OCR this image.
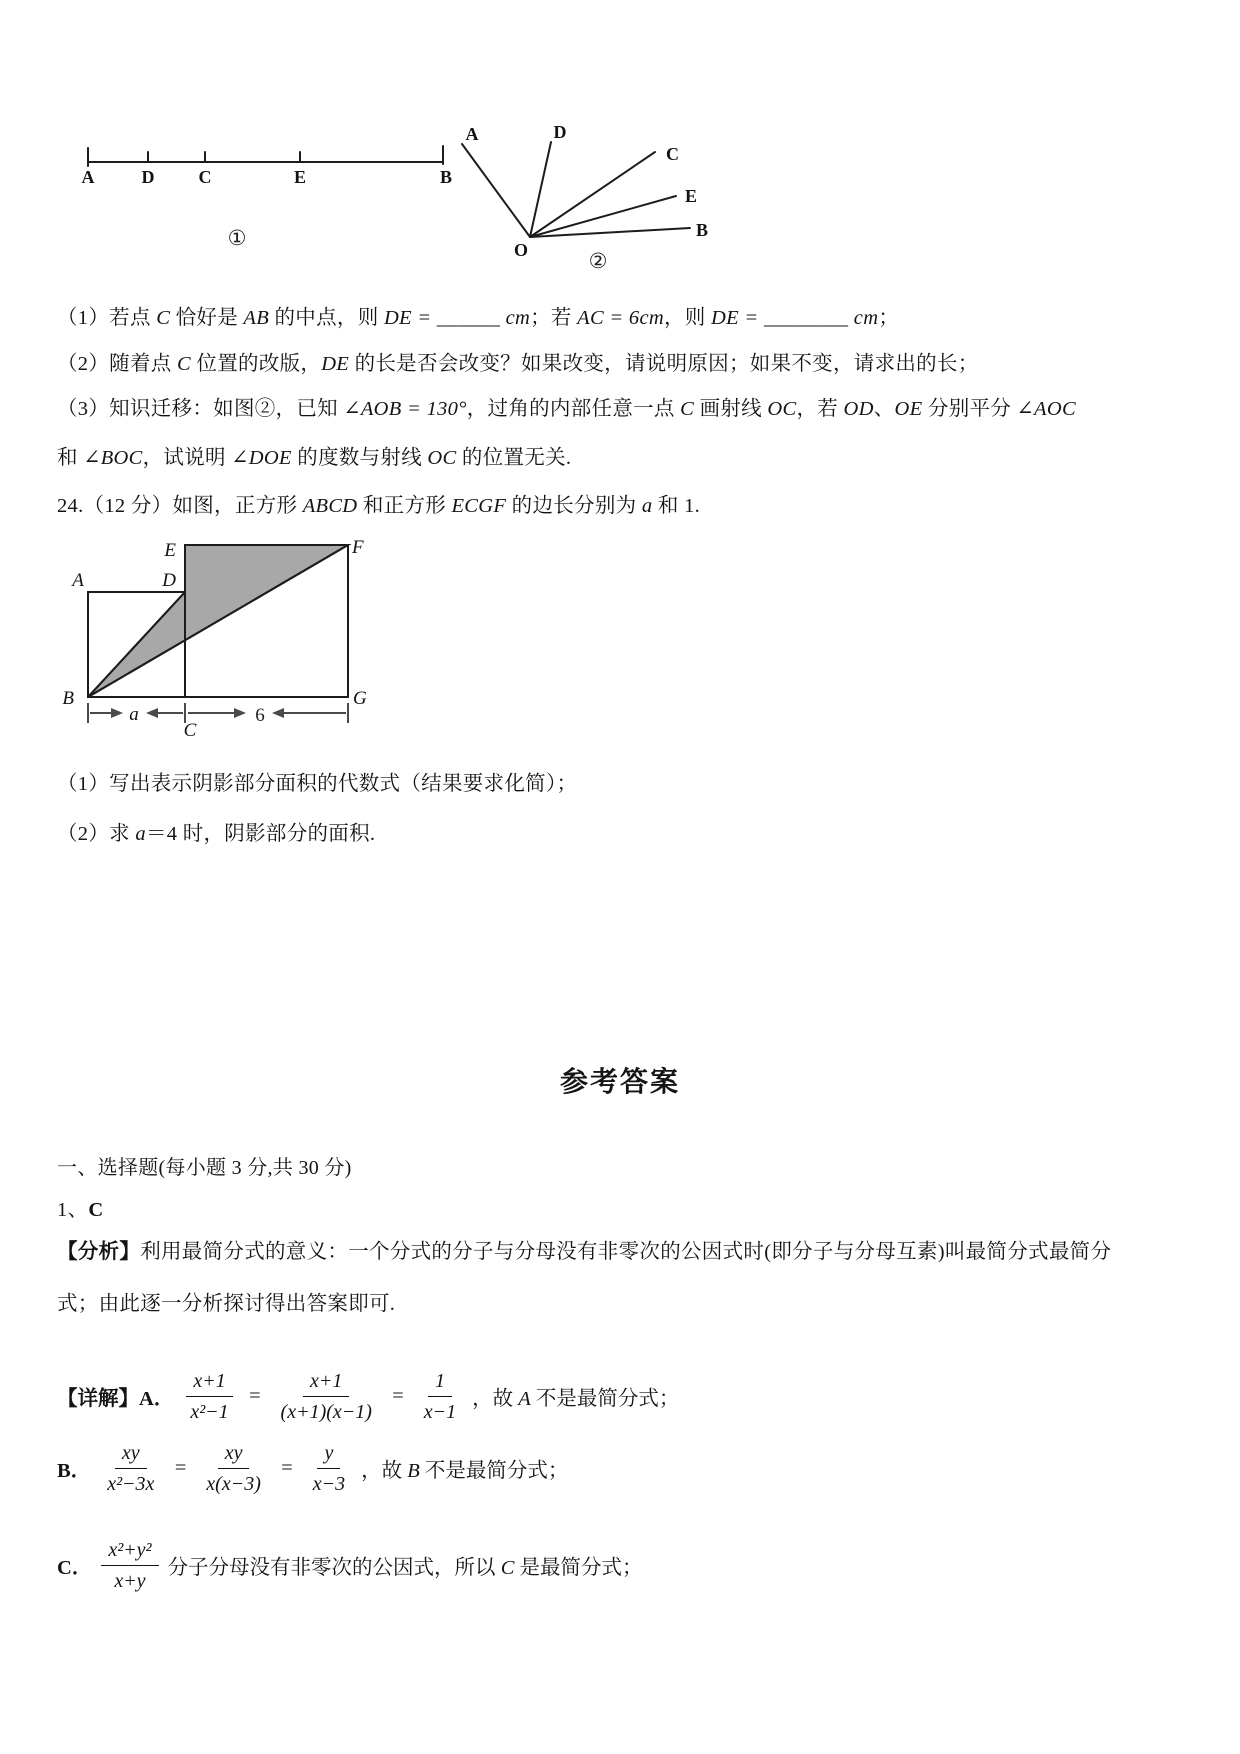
A	D C	E	B
①
A	D
C
E
B
O	②
（1）若点 C 恰好是 AB 的中点，则 DE = ______ cm；若 AC = 6cm，则 DE = ________ cm；
（2）随着点 C 位置的改版，DE 的长是否会改变？如果改变，请说明原因；如果不变，请求出的长；
（3）知识迁移：如图②，已知 ∠AOB = 130°，过角的内部任意一点 C 画射线 OC，若 OD、OE 分别平分 ∠AOC
和 ∠BOC，试说明 ∠DOE 的度数与射线 OC 的位置无关.
24.（12 分）如图，正方形 ABCD 和正方形 ECGF 的边长分别为 a 和 1.
E	F
A	D
B	G
C
a	6
（1）写出表示阴影部分面积的代数式（结果要求化简）；
（2）求 a＝4 时，阴影部分的面积.
参考答案
一、选择题(每小题 3 分,共 30 分)
1、C
【分析】利用最简分式的意义：一个分式的分子与分母没有非零次的公因式时(即分子与分母互素)叫最简分式最简分
式；由此逐一分析探讨得出答案即可.
【详解】A． $\frac{x+1}{\text{x²−1}} = \frac{x+1}{(x+1)(x-1)} = \frac{1}{x-1}$ ，故 A 不是最简分式；
B． $\frac{xy}{\text{x²−3x}} = \frac{xy}{x(x-3)} = \frac{y}{x-3}$ ，故 B 不是最简分式；
C． $\frac{\text{x²+y²}}{x+y}$ 分子分母没有非零次的公因式，所以 C 是最简分式；
